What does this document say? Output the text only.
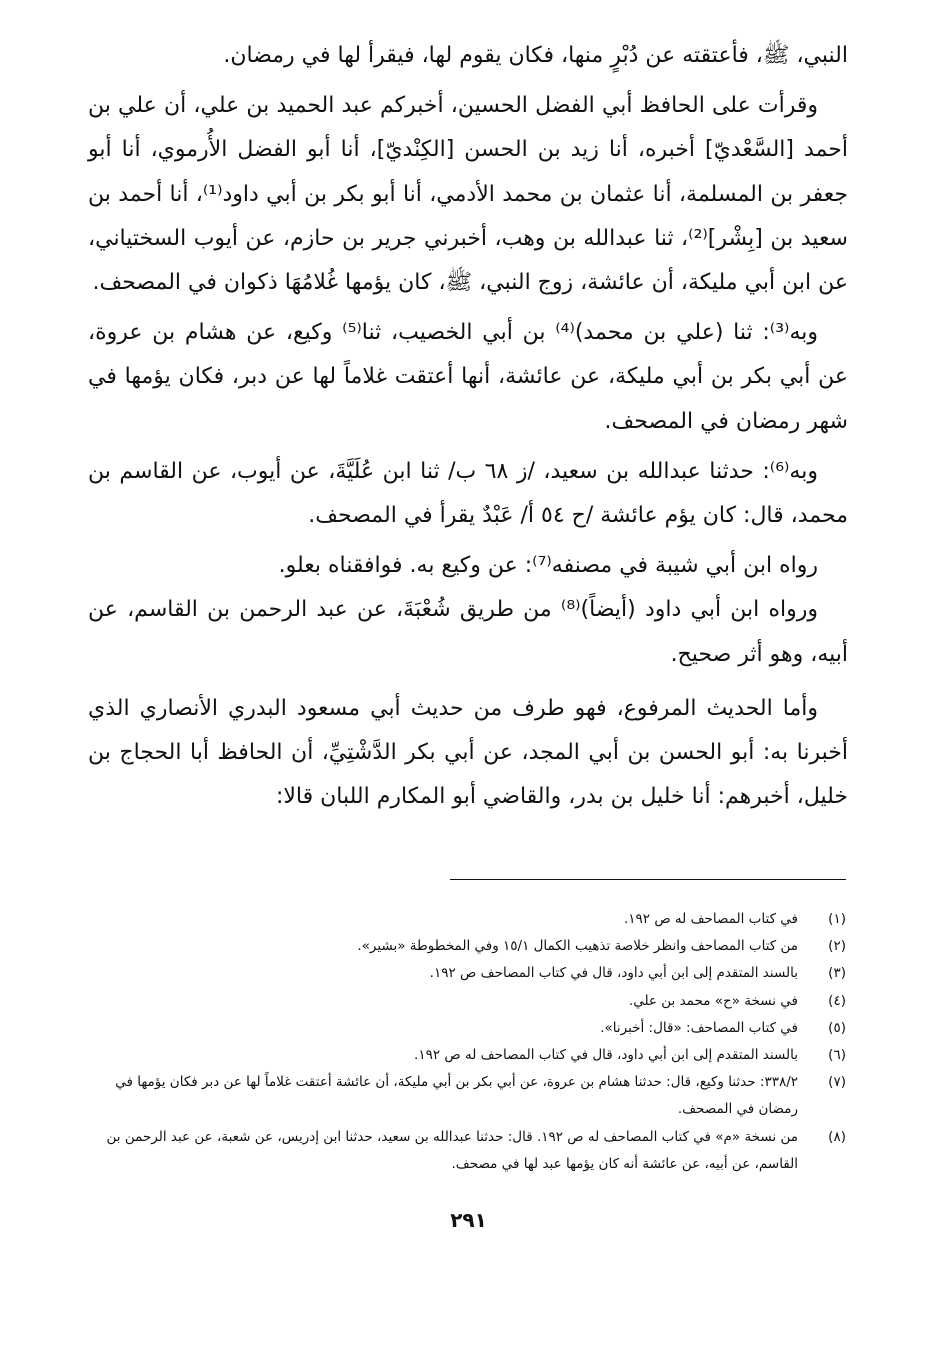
النبي، ﷺ، فأعتقته عن دُبْرٍ منها، فكان يقوم لها، فيقرأ لها في رمضان.

وقرأت على الحافظ أبي الفضل الحسين، أخبركم عبد الحميد بن علي، أن علي بن أحمد [السَّعْديّ] أخبره، أنا زيد بن الحسن [الكِنْديّ]، أنا أبو الفضل الأُرموي، أنا أبو جعفر بن المسلمة، أنا عثمان بن محمد الأدمي، أنا أبو بكر بن أبي داود⁽¹⁾، أنا أحمد بن سعيد بن [بِشْر]⁽²⁾، ثنا عبدالله بن وهب، أخبرني جرير بن حازم، عن أيوب السختياني، عن ابن أبي مليكة، أن عائشة، زوج النبي، ﷺ، كان يؤمها غُلامُهَا ذكوان في المصحف.

وبه⁽³⁾: ثنا (علي بن محمد)⁽⁴⁾ بن أبي الخصيب، ثنا⁽⁵⁾ وكيع، عن هشام بن عروة، عن أبي بكر بن أبي مليكة، عن عائشة، أنها أعتقت غلاماً لها عن دبر، فكان يؤمها في شهر رمضان في المصحف.

وبه⁽⁶⁾: حدثنا عبدالله بن سعيد، /ز ٦٨ ب/ ثنا ابن عُلَيَّةَ، عن أيوب، عن القاسم بن محمد، قال: كان يؤم عائشة /ح ٥٤ أ/ عَبْدٌ يقرأ في المصحف.

رواه ابن أبي شيبة في مصنفه⁽⁷⁾: عن وكيع به. فوافقناه بعلو.

ورواه ابن أبي داود (أيضاً)⁽⁸⁾ من طريق شُعْبَةَ، عن عبد الرحمن بن القاسم، عن أبيه، وهو أثر صحيح.

وأما الحديث المرفوع، فهو طرف من حديث أبي مسعود البدري الأنصاري الذي أخبرنا به: أبو الحسن بن أبي المجد، عن أبي بكر الدَّشْتِيِّ، أن الحافظ أبا الحجاج بن خليل، أخبرهم: أنا خليل بن بدر، والقاضي أبو المكارم اللبان قالا:

(١)
في كتاب المصاحف له ص ١٩٢.
(٢)
من كتاب المصاحف وانظر خلاصة تذهيب الكمال ١٥/١ وفي المخطوطة «بشير».
(٣)
بالسند المتقدم إلى ابن أبي داود، قال في كتاب المصاحف ص ١٩٢.
(٤)
في نسخة «ح» محمد بن علي.
(٥)
في كتاب المصاحف: «قال: أخبرنا».
(٦)
بالسند المتقدم إلى ابن أبي داود، قال في كتاب المصاحف له ص ١٩٢.
(٧)
٣٣٨/٢: حدثنا وكيع، قال: حدثنا هشام بن عروة، عن أبي بكر بن أبي مليكة، أن عائشة أعتقت غلاماً لها عن دبر فكان يؤمها في رمضان في المصحف.
(٨)
من نسخة «م» في كتاب المصاحف له ص ١٩٢. قال: حدثنا عبدالله بن سعيد، حدثنا ابن إدريس، عن شعبة، عن عبد الرحمن بن القاسم، عن أبيه، عن عائشة أنه كان يؤمها عبد لها في مصحف.
٢٩١
